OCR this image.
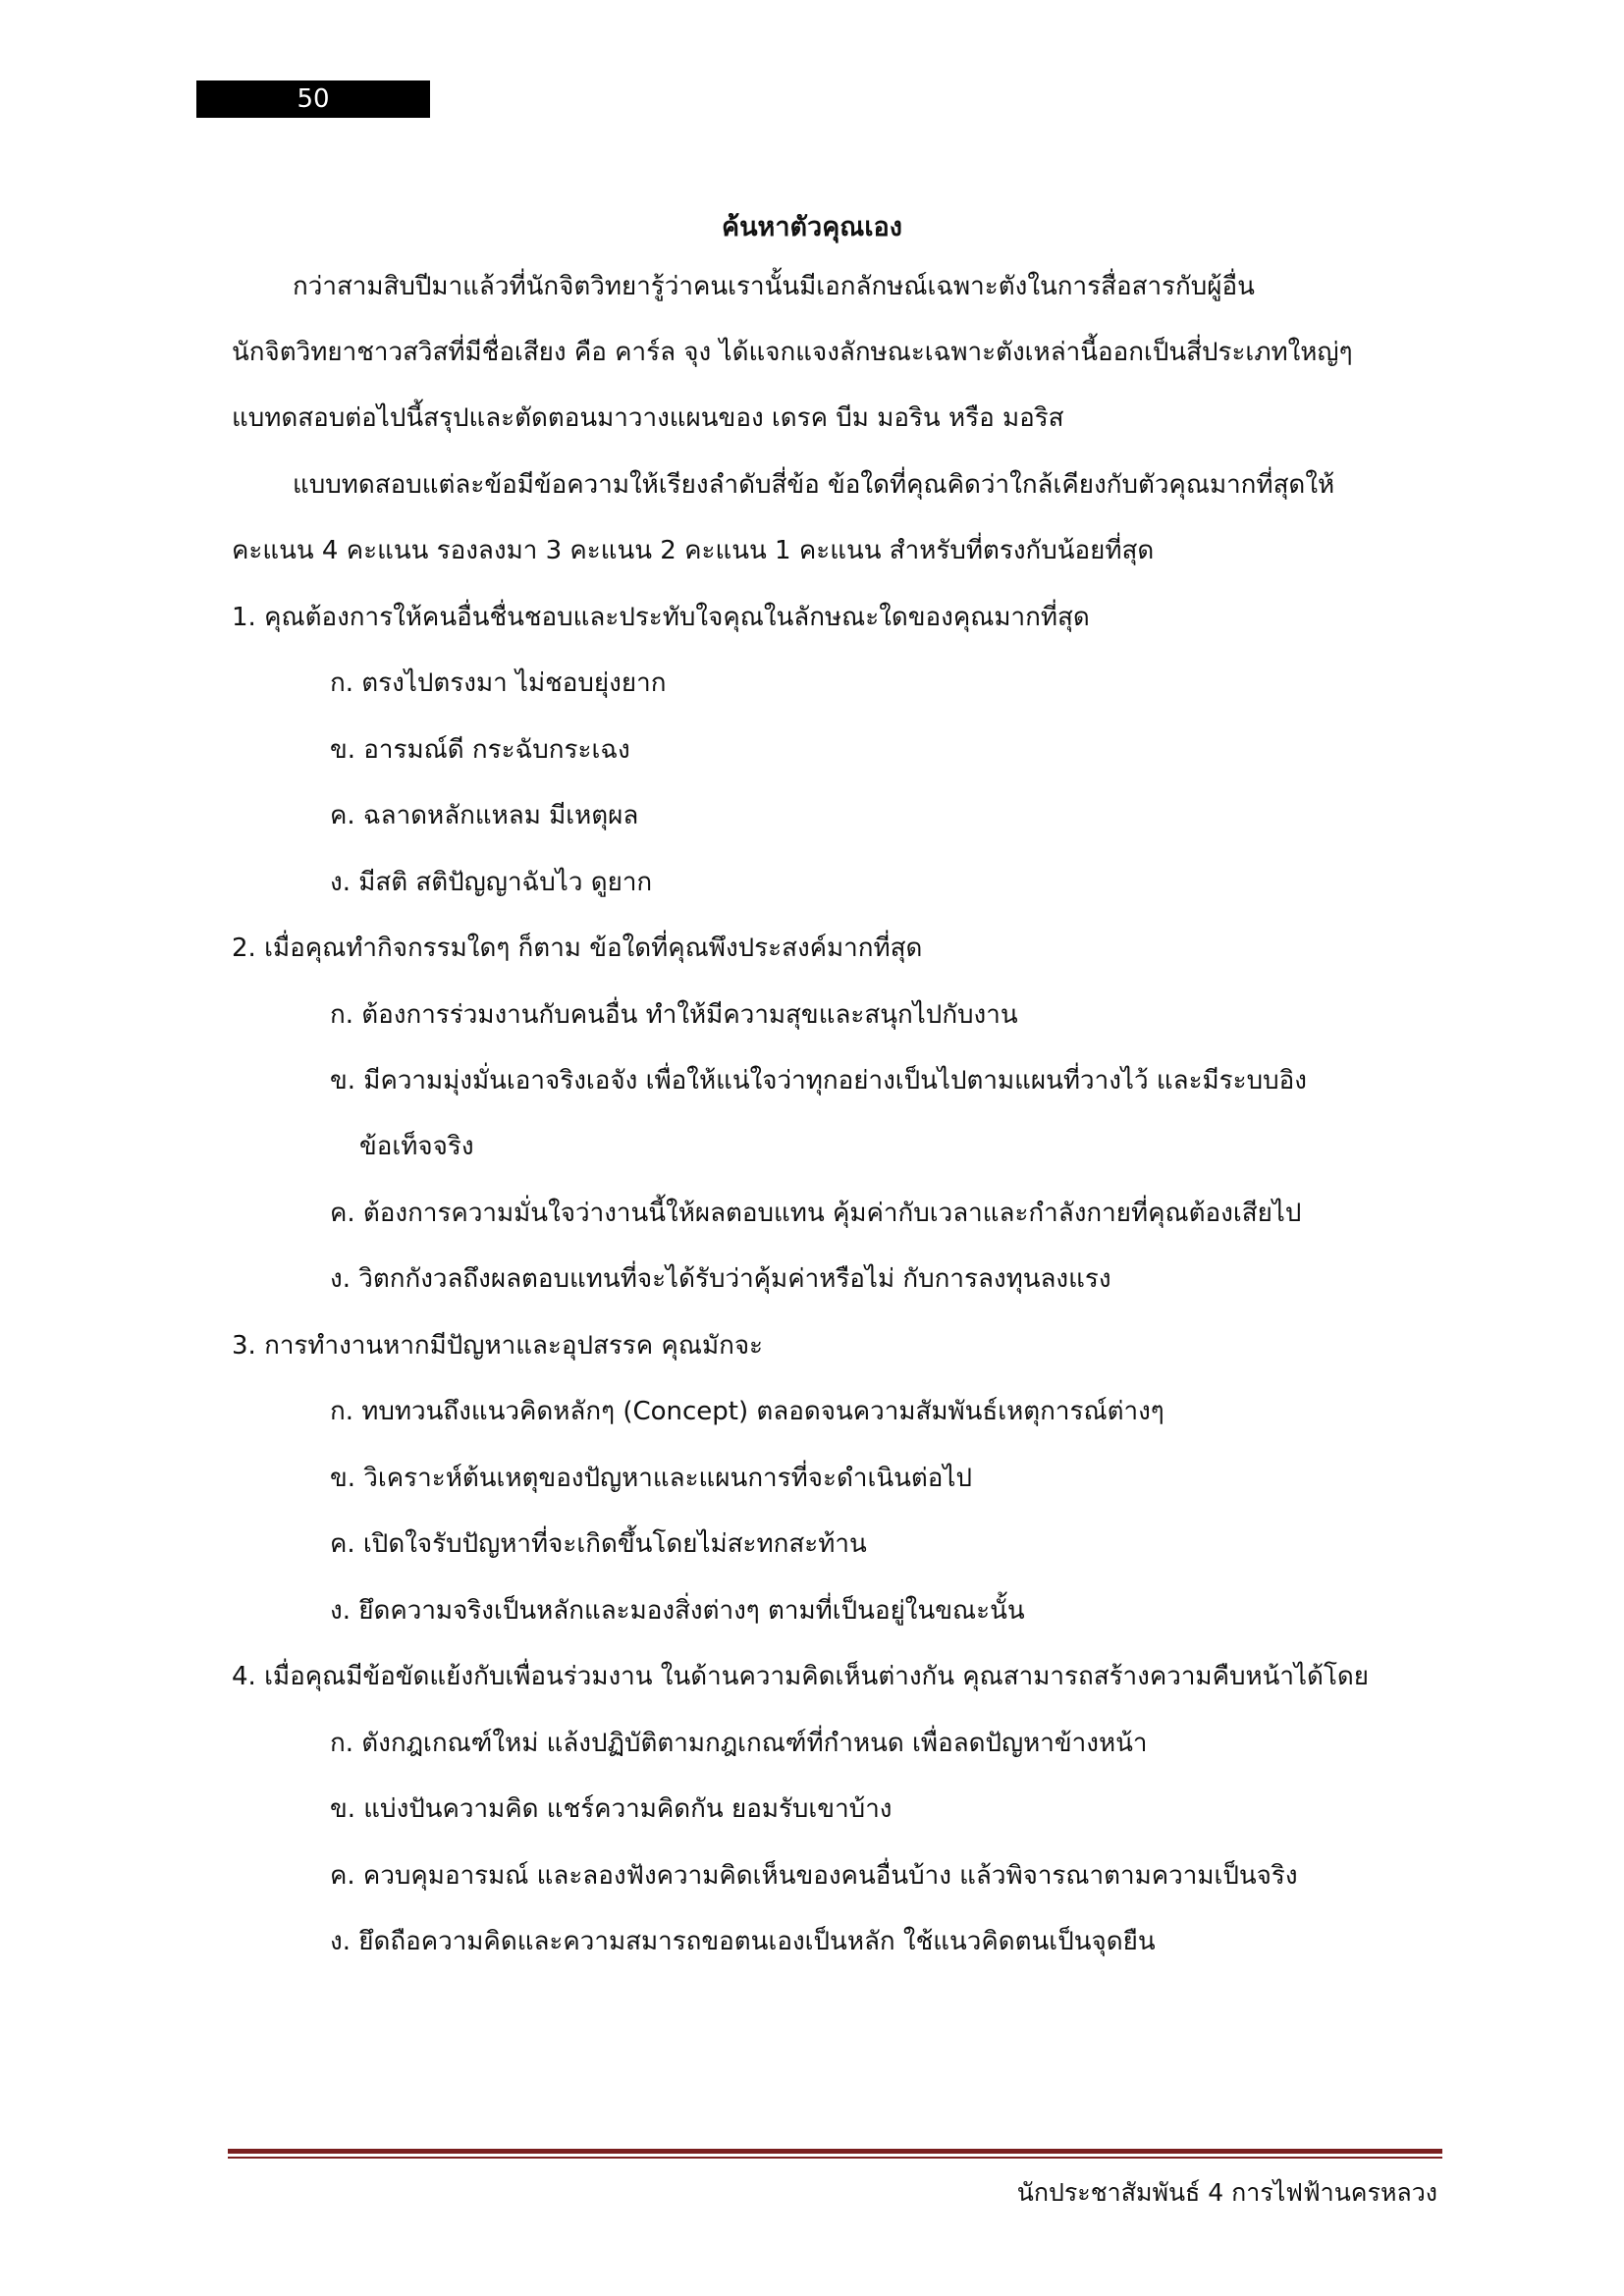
50
ค้นหาตัวคุณเอง
กว่าสามสิบปีมาแล้วที่นักจิตวิทยารู้ว่าคนเรานั้นมีเอกลักษณ์เฉพาะตังในการสื่อสารกับผู้อื่น
นักจิตวิทยาชาวสวิสที่มีชื่อเสียง คือ คาร์ล จุง ได้แจกแจงลักษณะเฉพาะตังเหล่านี้ออกเป็นสี่ประเภทใหญ่ๆ
แบทดสอบต่อไปนี้สรุปและตัดตอนมาวางแผนของ เดรค บีม มอริน หรือ มอริส
แบบทดสอบแต่ละข้อมีข้อความให้เรียงลำดับสี่ข้อ ข้อใดที่คุณคิดว่าใกล้เคียงกับตัวคุณมากที่สุดให้
คะแนน 4 คะแนน รองลงมา 3 คะแนน 2 คะแนน 1 คะแนน สำหรับที่ตรงกับน้อยที่สุด
1. คุณต้องการให้คนอื่นชื่นชอบและประทับใจคุณในลักษณะใดของคุณมากที่สุด
ก. ตรงไปตรงมา ไม่ชอบยุ่งยาก
ข. อารมณ์ดี กระฉับกระเฉง
ค. ฉลาดหลักแหลม มีเหตุผล
ง. มีสติ สติปัญญาฉับไว ดูยาก
2. เมื่อคุณทำกิจกรรมใดๆ ก็ตาม ข้อใดที่คุณพึงประสงค์มากที่สุด
ก. ต้องการร่วมงานกับคนอื่น ทำให้มีความสุขและสนุกไปกับงาน
ข. มีความมุ่งมั่นเอาจริงเอจัง เพื่อให้แน่ใจว่าทุกอย่างเป็นไปตามแผนที่วางไว้ และมีระบบอิง
ข้อเท็จจริง
ค. ต้องการความมั่นใจว่างานนี้ให้ผลตอบแทน คุ้มค่ากับเวลาและกำลังกายที่คุณต้องเสียไป
ง. วิตกกังวลถึงผลตอบแทนที่จะได้รับว่าคุ้มค่าหรือไม่ กับการลงทุนลงแรง
3. การทำงานหากมีปัญหาและอุปสรรค คุณมักจะ
ก. ทบทวนถึงแนวคิดหลักๆ (Concept) ตลอดจนความสัมพันธ์เหตุการณ์ต่างๆ
ข. วิเคราะห์ต้นเหตุของปัญหาและแผนการที่จะดำเนินต่อไป
ค. เปิดใจรับปัญหาที่จะเกิดขึ้นโดยไม่สะทกสะท้าน
ง. ยึดความจริงเป็นหลักและมองสิ่งต่างๆ ตามที่เป็นอยู่ในขณะนั้น
4. เมื่อคุณมีข้อขัดแย้งกับเพื่อนร่วมงาน ในด้านความคิดเห็นต่างกัน คุณสามารถสร้างความคืบหน้าได้โดย
ก. ตังกฎเกณฑ์ใหม่ แล้งปฏิบัติตามกฎเกณฑ์ที่กำหนด เพื่อลดปัญหาข้างหน้า
ข. แบ่งปันความคิด แชร์ความคิดกัน ยอมรับเขาบ้าง
ค. ควบคุมอารมณ์ และลองฟังความคิดเห็นของคนอื่นบ้าง แล้วพิจารณาตามความเป็นจริง
ง. ยึดถือความคิดและความสมารถขอตนเองเป็นหลัก ใช้แนวคิดตนเป็นจุดยืน
นักประชาสัมพันธ์ 4 การไฟฟ้านครหลวง
